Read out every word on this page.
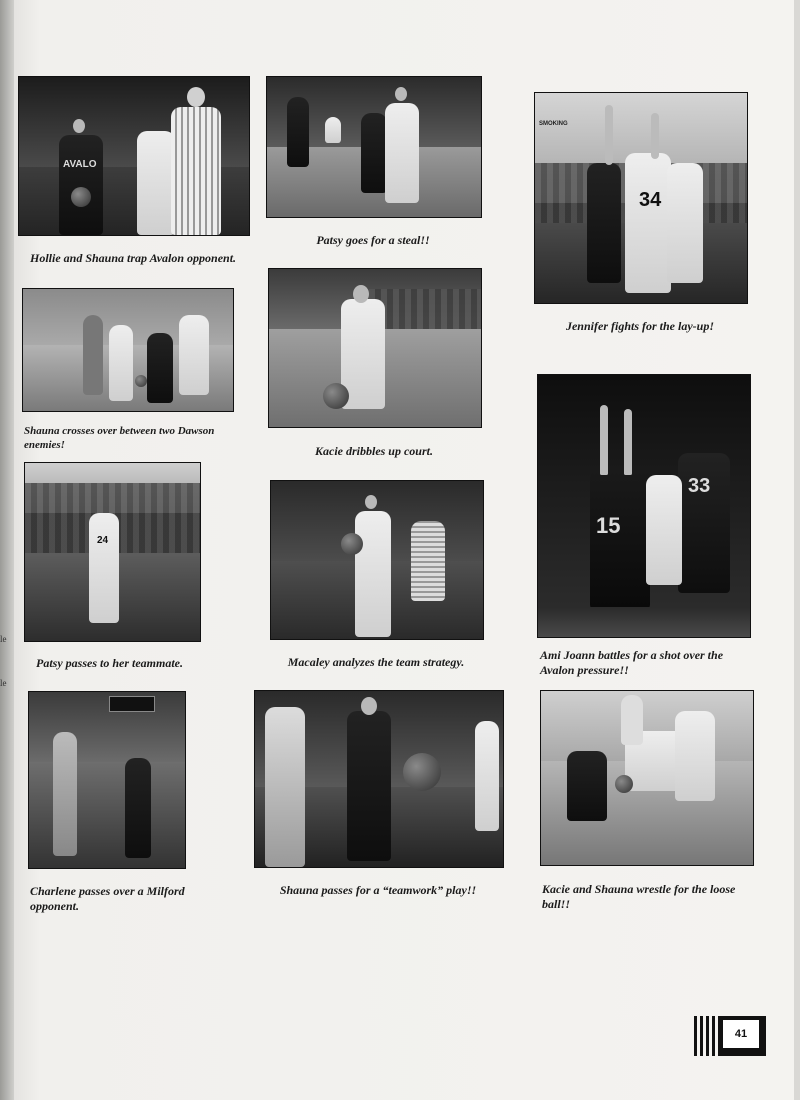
AVALO
SMOKING
34
Hollie and Shauna trap Avalon opponent.
Patsy goes for a steal!!
Jennifer fights for the lay-up!
Shauna crosses over between two Dawson enemies!	Kacie dribbles up court.
15
33
24
Patsy passes to her teammate.	Macaley analyzes the team strategy.	Ami Joann battles for a shot over the Avalon pressure!!
Charlene passes over a Milford opponent.
Shauna passes for a “teamwork” play!!	Kacie and Shauna wrestle for the loose ball!!
41
le
le
